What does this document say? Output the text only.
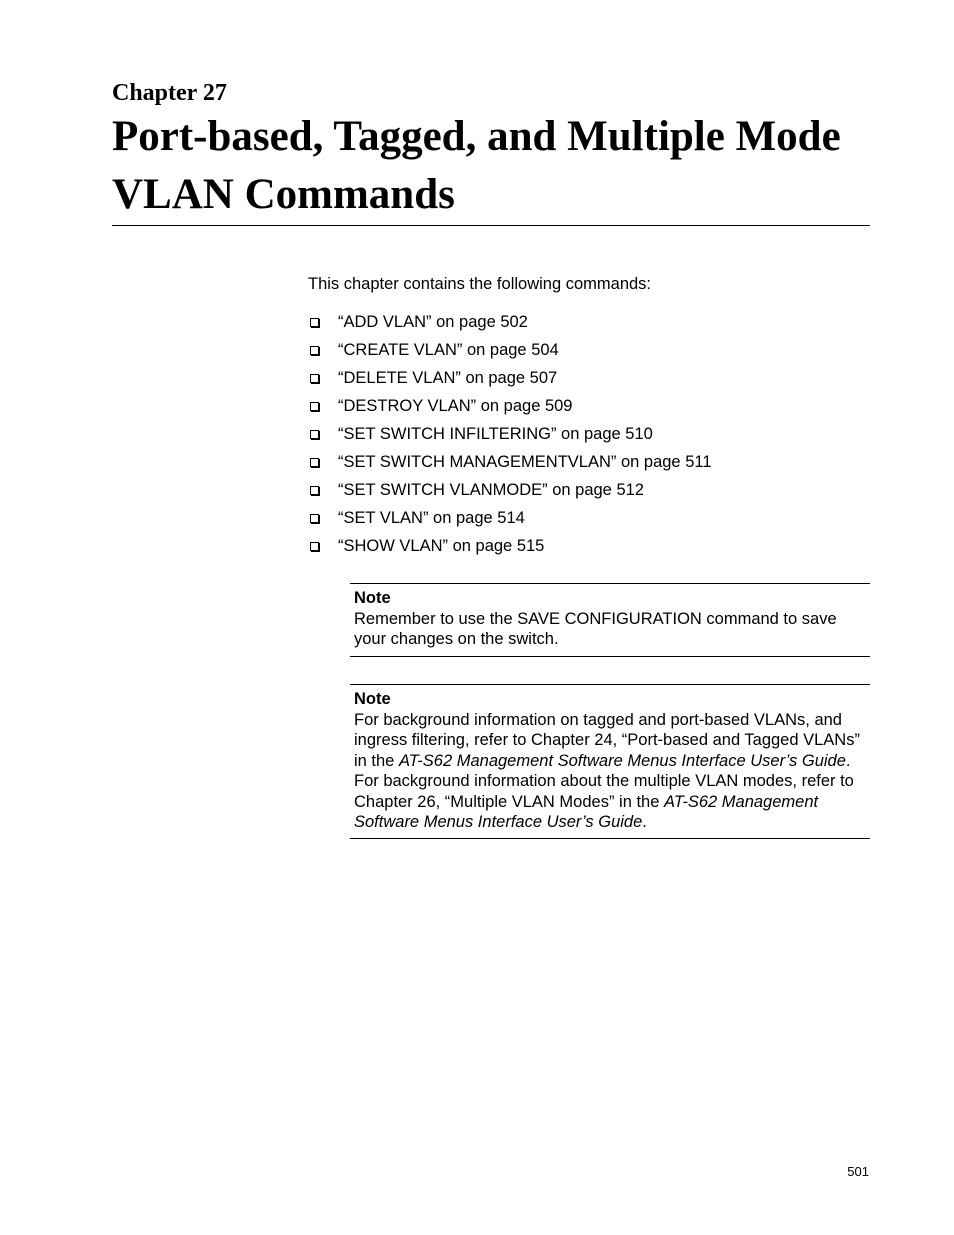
Chapter 27
Port-based, Tagged, and Multiple Mode VLAN Commands

This chapter contains the following commands:

“ADD VLAN” on page 502
“CREATE VLAN” on page 504
“DELETE VLAN” on page 507
“DESTROY VLAN” on page 509
“SET SWITCH INFILTERING” on page 510
“SET SWITCH MANAGEMENTVLAN” on page 511
“SET SWITCH VLANMODE” on page 512
“SET VLAN” on page 514
“SHOW VLAN” on page 515

Note

Remember to use the SAVE CONFIGURATION command to save your changes on the switch.

Note

For background information on tagged and port-based VLANs, and ingress filtering, refer to Chapter 24, “Port-based and Tagged VLANs” in the AT-S62 Management Software Menus Interface User’s Guide. For background information about the multiple VLAN modes, refer to Chapter 26, “Multiple VLAN Modes” in the AT-S62 Management Software Menus Interface User’s Guide.

501
